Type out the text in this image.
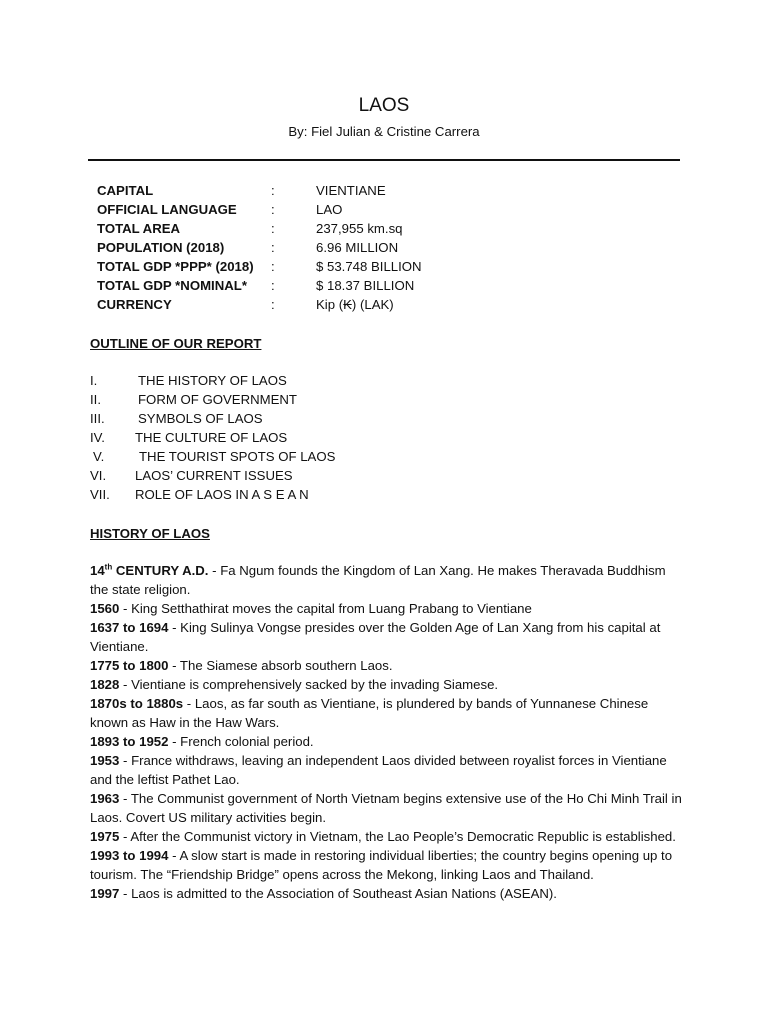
LAOS
By: Fiel Julian & Cristine Carrera
CAPITAL	:	VIENTIANE
OFFICIAL LANGUAGE	:	LAO
TOTAL AREA	:	237,955 km.sq
POPULATION (2018)	:	6.96 MILLION
TOTAL GDP *PPP* (2018)	:	$ 53.748 BILLION
TOTAL GDP *NOMINAL*	:	$ 18.37 BILLION
CURRENCY	:	Kip (₭) (LAK)
OUTLINE OF OUR REPORT
I.	THE HISTORY OF LAOS
II.	FORM OF GOVERNMENT
III.	SYMBOLS OF LAOS
IV.	THE CULTURE OF LAOS
V.	THE TOURIST SPOTS OF LAOS
VI.	LAOS’ CURRENT ISSUES
VII.	ROLE OF LAOS IN A S E A N
HISTORY OF LAOS

14th CENTURY A.D. - Fa Ngum founds the Kingdom of Lan Xang. He makes Theravada Buddhism the state religion.

1560 - King Setthathirat moves the capital from Luang Prabang to Vientiane

1637 to 1694 - King Sulinya Vongse presides over the Golden Age of Lan Xang from his capital at Vientiane.

1775 to 1800 - The Siamese absorb southern Laos.

1828 - Vientiane is comprehensively sacked by the invading Siamese.

1870s to 1880s - Laos, as far south as Vientiane, is plundered by bands of Yunnanese Chinese known as Haw in the Haw Wars.

1893 to 1952 - French colonial period.

1953 - France withdraws, leaving an independent Laos divided between royalist forces in Vientiane and the leftist Pathet Lao.

1963 - The Communist government of North Vietnam begins extensive use of the Ho Chi Minh Trail in Laos. Covert US military activities begin.

1975 - After the Communist victory in Vietnam, the Lao People’s Democratic Republic is established.

1993 to 1994 - A slow start is made in restoring individual liberties; the country begins opening up to tourism. The “Friendship Bridge” opens across the Mekong, linking Laos and Thailand.

1997 - Laos is admitted to the Association of Southeast Asian Nations (ASEAN).
